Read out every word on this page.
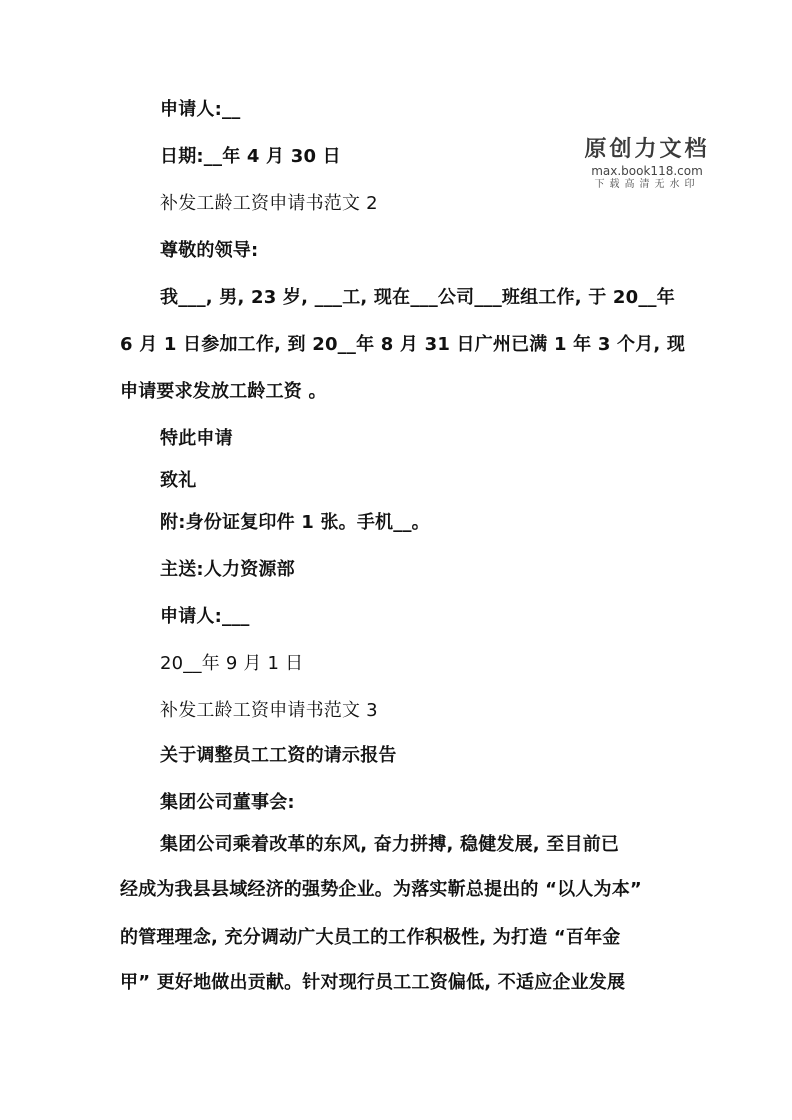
申请人:__
日期:__年 4 月 30 日
补发工龄工资申请书范文 2
尊敬的领导:
我___, 男, 23 岁, ___工, 现在___公司___班组工作, 于 20__年
6 月 1 日参加工作, 到 20__年 8 月 31 日广州已满 1 年 3 个月, 现
申请要求发放工龄工资 。
特此申请
致礼
附:身份证复印件 1 张。手机__。
主送:人力资源部
申请人:___
20__年 9 月 1 日
补发工龄工资申请书范文 3
关于调整员工工资的请示报告
集团公司董事会:
集团公司乘着改革的东风, 奋力拼搏, 稳健发展, 至目前已
经成为我县县域经济的强势企业。为落实靳总提出的 “以人为本”
的管理理念, 充分调动广大员工的工作积极性, 为打造 “百年金
甲” 更好地做出贡献。针对现行员工工资偏低, 不适应企业发展
原创力文档
max.book118.com
下载高清无水印
